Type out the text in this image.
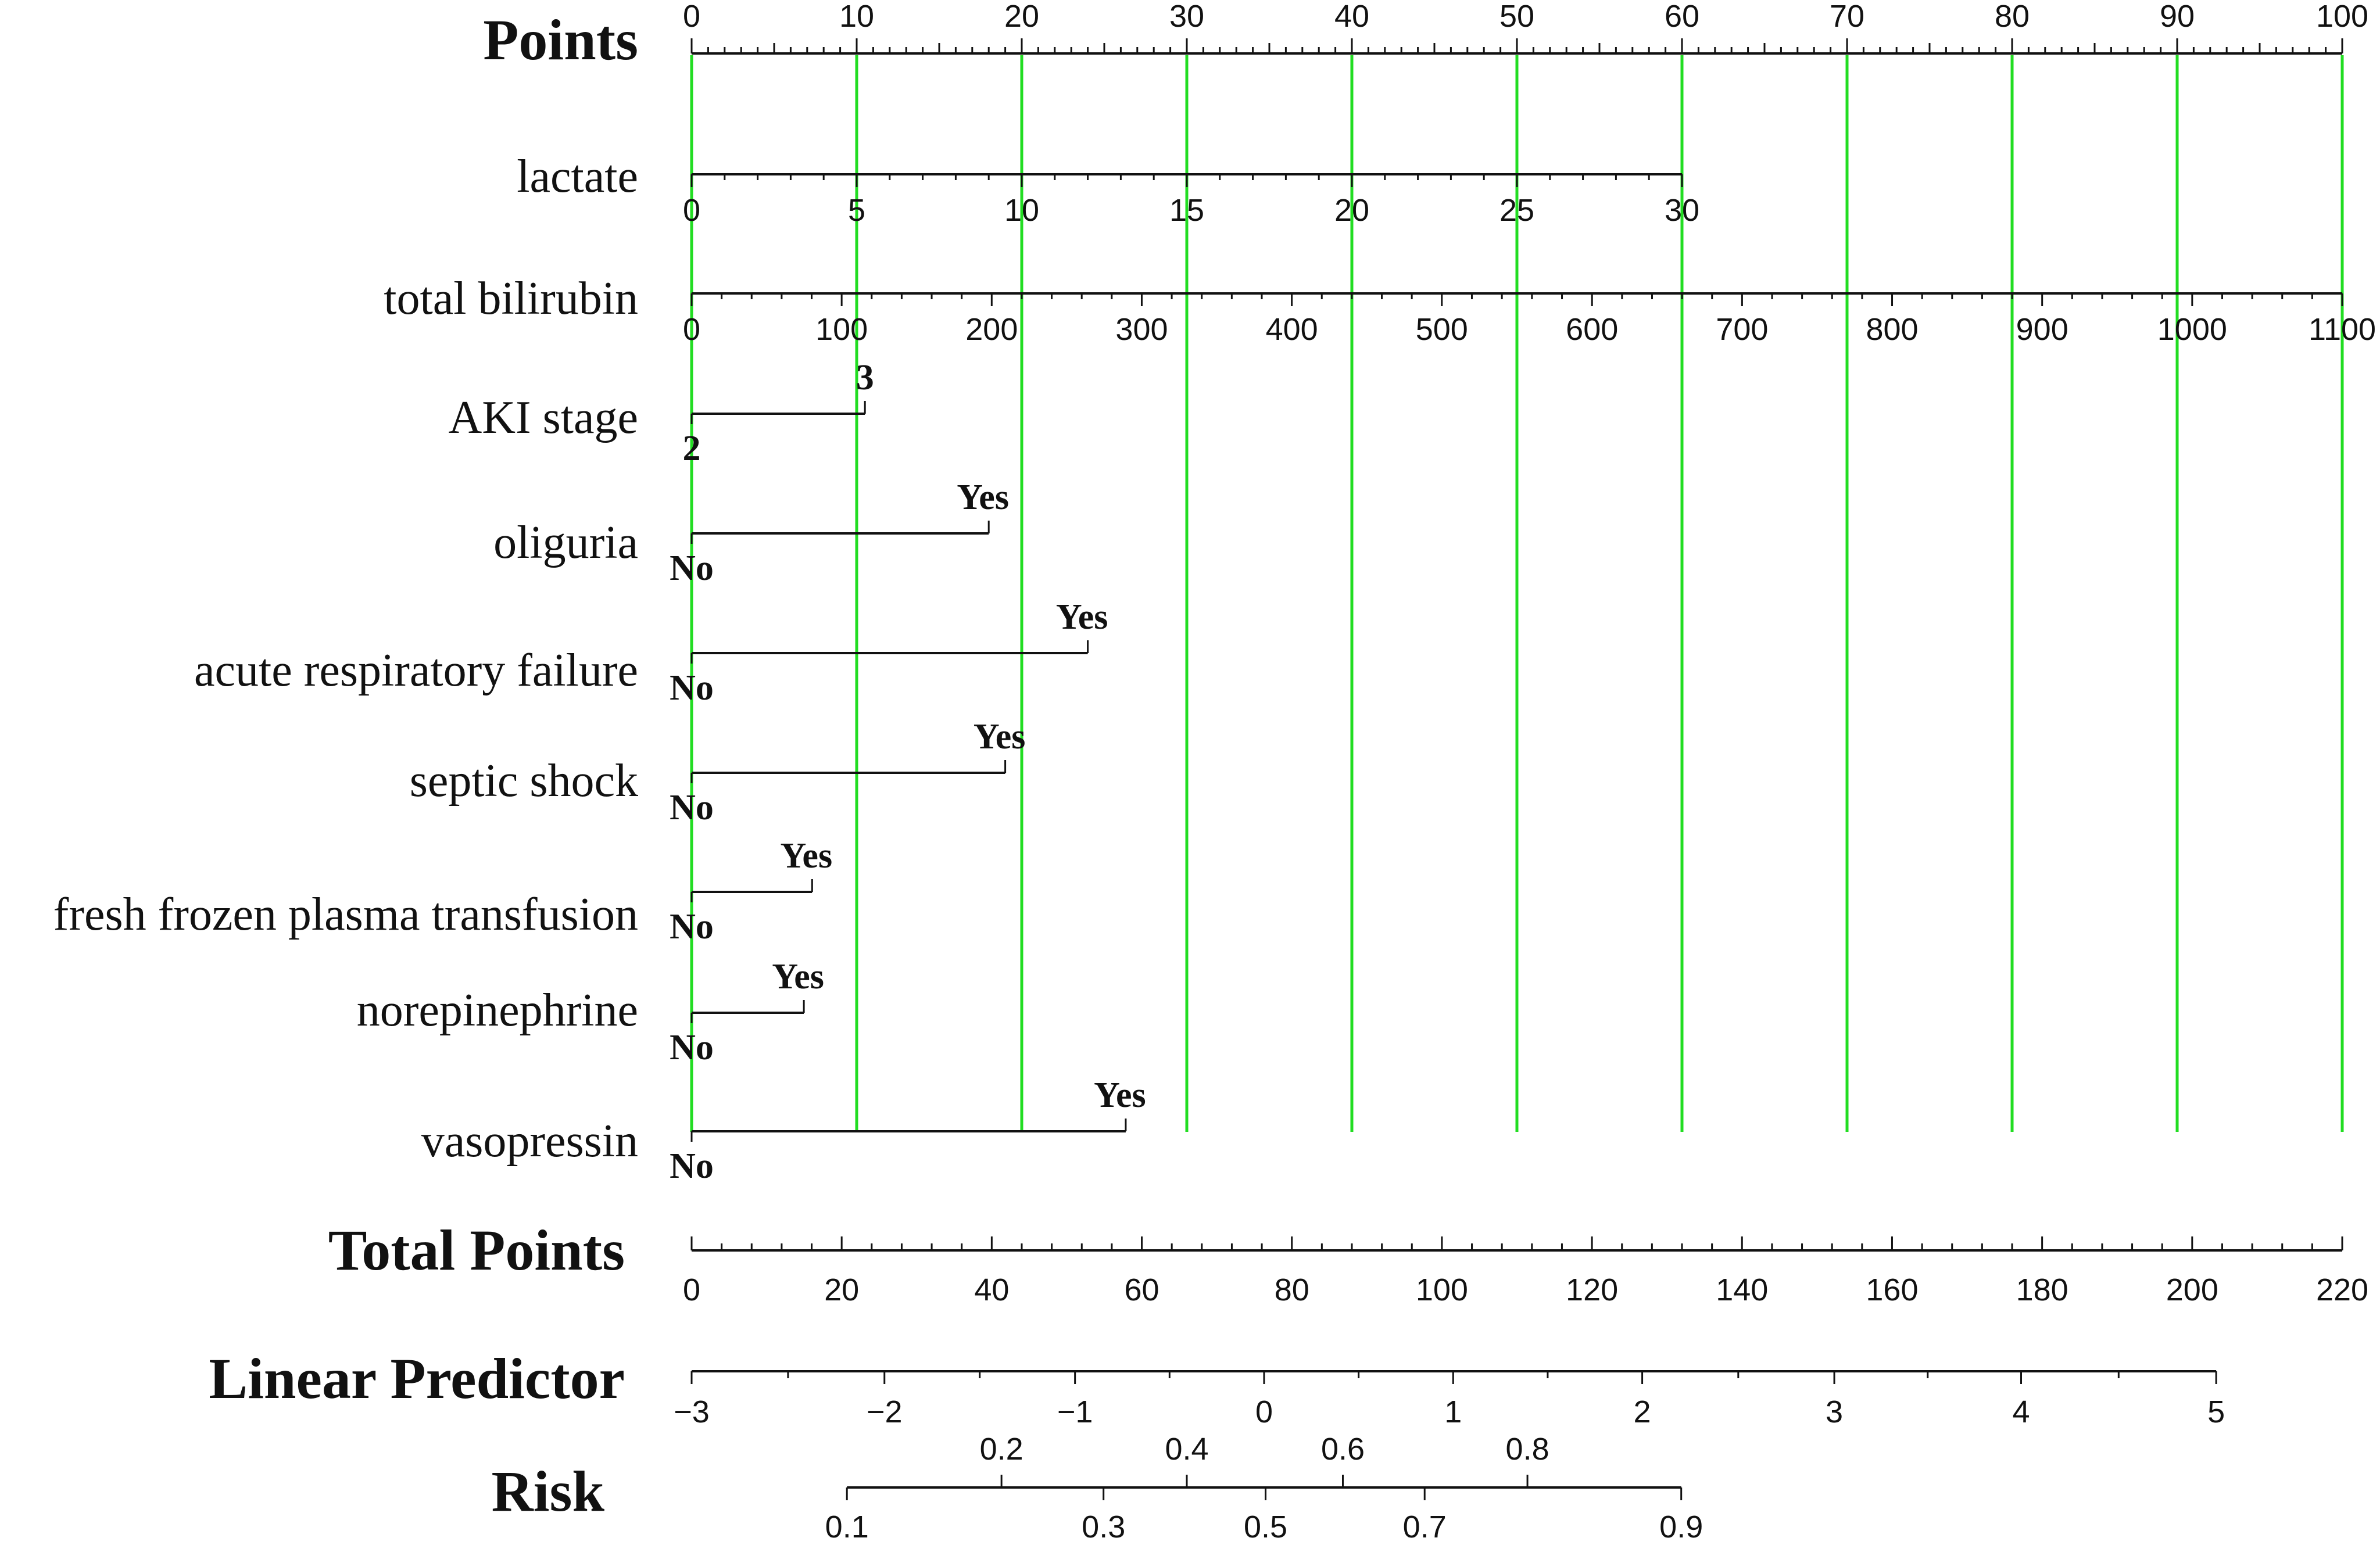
Points 0	10	20	30	40	50	60	70	80	90	100
lactate
0	5	10	15	20	25	30
total bilirubin
0	100	200	300	400	500	600	700	800	900	1000	1100
AKI stage
2
3
oliguria No
Yes
acute respiratory failure No
Yes
septic shock
No
Yes
fresh frozen plasma transfusion No
Yes
norepinephrine
No
Yes
vasopressin No
Yes
Total Points
0	20	40	60	80	100	120	140	160	180	200	220
Linear Predictor
−3	−2	−1	0	1	2	3	4	5
Risk
0.1
0.2
0.3
0.4
0.5
0.6
0.7
0.8
0.9
